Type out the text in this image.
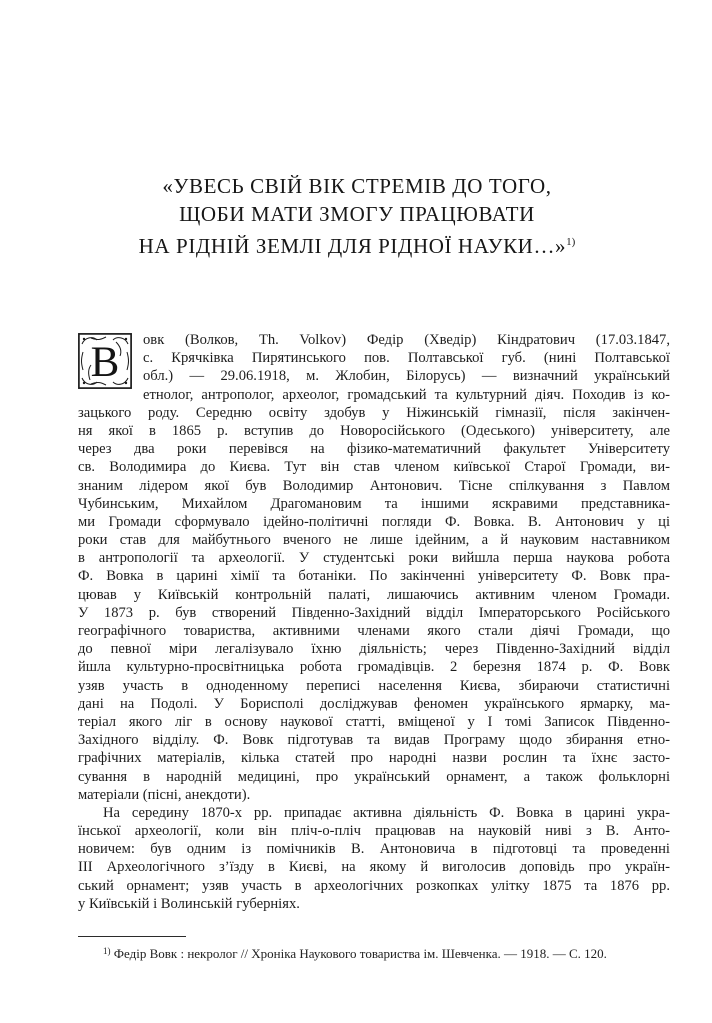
«УВЕСЬ СВІЙ ВІК СТРЕМІВ ДО ТОГО,
ЩОБИ МАТИ ЗМОГУ ПРАЦЮВАТИ
НА РІДНІЙ ЗЕМЛІ ДЛЯ РІДНОЇ НАУКИ…»$^{1)}$
В	овк (Волков, Th. Volkov) Федір (Хведір) Кіндратович (17.03.1847,
с. Крячківка Пирятинського пов. Полтавської губ. (нині Полтавської
обл.) — 29.06.1918, м. Жлобин, Білорусь) — визначний український
етнолог, антрополог, археолог, громадський та культурний діяч. Походив із ко-
зацького роду. Середню освіту здобув у Ніжинській гімназії, після закінчен-
ня якої в 1865 р. вступив до Новоросійського (Одеського) університету, але
через два роки перевівся на фізико-математичний факультет Університету
св. Володимира до Києва. Тут він став членом київської Старої Громади, ви-
знаним лідером якої був Володимир Антонович. Тісне спілкування з Павлом
Чубинським, Михайлом Драгомановим та іншими яскравими представника-
ми Громади сформувало ідейно-політичні погляди Ф. Вовка. В. Антонович у ці
роки став для майбутнього вченого не лише ідейним, а й науковим наставником
в антропології та археології. У студентські роки вийшла перша наукова робота
Ф. Вовка в царині хімії та ботаніки. По закінченні університету Ф. Вовк пра-
цював у Київській контрольній палаті, лишаючись активним членом Громади.
У 1873 р. був створений Південно-Західний відділ Імператорського Російського
географічного товариства, активними членами якого стали діячі Громади, що
до певної міри легалізувало їхню діяльність; через Південно-Західний відділ
йшла культурно-просвітницька робота громадівців. 2 березня 1874 р. Ф. Вовк
узяв участь в одноденному переписі населення Києва, збираючи статистичні
дані на Подолі. У Борисполі досліджував феномен українського ярмарку, ма-
теріал якого ліг в основу наукової статті, вміщеної у I томі Записок Південно-
Західного відділу. Ф. Вовк підготував та видав Програму щодо збирання етно-
графічних матеріалів, кілька статей про народні назви рослин та їхнє засто-
сування в народній медицині, про український орнамент, а також фольклорні
матеріали (пісні, анекдоти).
На середину 1870-х рр. припадає активна діяльність Ф. Вовка в царині укра-
їнської археології, коли він пліч-о-пліч працював на науковій ниві з В. Анто-
новичем: був одним із помічників В. Антоновича в підготовці та проведенні
III Археологічного з’їзду в Києві, на якому й виголосив доповідь про україн-
ський орнамент; узяв участь в археологічних розкопках улітку 1875 та 1876 рр.
у Київській і Волинській губерніях.
$^{1)}$ Федір Вовк : некролог // Хроніка Наукового товариства ім. Шевченка. — 1918. — С. 120.
